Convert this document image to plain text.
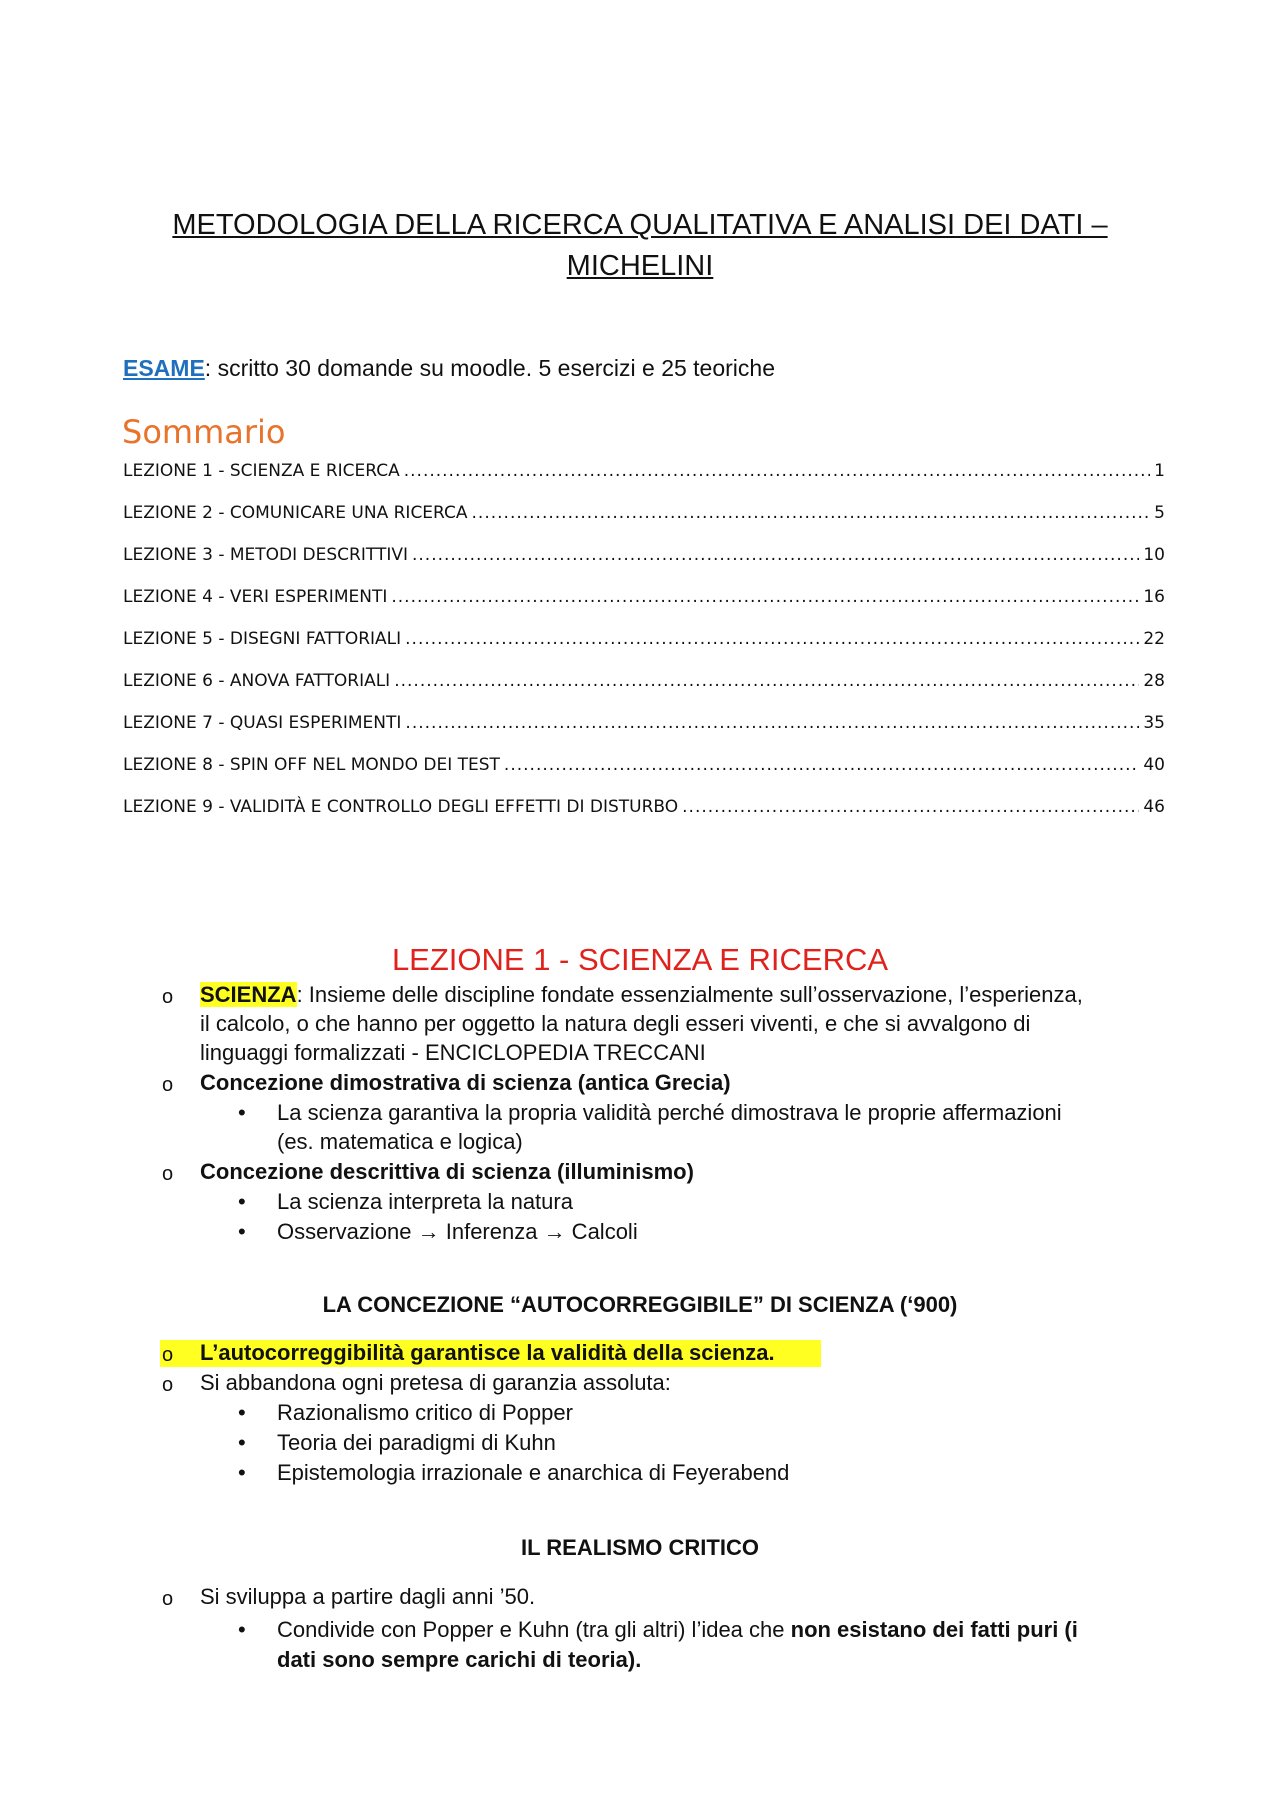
METODOLOGIA DELLA RICERCA QUALITATIVA E ANALISI DEI DATI –
MICHELINI
ESAME: scritto 30 domande su moodle. 5 esercizi e 25 teoriche
Sommario
LEZIONE 1 - SCIENZA E RICERCA .....	1
LEZIONE 2 - COMUNICARE UNA RICERCA .....	5
LEZIONE 3 - METODI DESCRITTIVI .....	10
LEZIONE 4 - VERI ESPERIMENTI .....	16
LEZIONE 5 - DISEGNI FATTORIALI .....	22
LEZIONE 6 - ANOVA FATTORIALI .....	28
LEZIONE 7 - QUASI ESPERIMENTI .....	35
LEZIONE 8 - SPIN OFF NEL MONDO DEI TEST .....	40
LEZIONE 9 - VALIDITÀ E CONTROLLO DEGLI EFFETTI DI DISTURBO .....	46
LEZIONE 1 - SCIENZA E RICERCA
o SCIENZA: Insieme delle discipline fondate essenzialmente sull’osservazione, l’esperienza,
il calcolo, o che hanno per oggetto la natura degli esseri viventi, e che si avvalgono di
linguaggi formalizzati - ENCICLOPEDIA TRECCANI
o Concezione dimostrativa di scienza (antica Grecia)
• La scienza garantiva la propria validità perché dimostrava le proprie affermazioni
(es. matematica e logica)
o Concezione descrittiva di scienza (illuminismo)
• La scienza interpreta la natura
• Osservazione → Inferenza → Calcoli
LA CONCEZIONE “AUTOCORREGGIBILE” DI SCIENZA (‘900)
o L’autocorreggibilità garantisce la validità della scienza.
o Si abbandona ogni pretesa di garanzia assoluta:
• Razionalismo critico di Popper
• Teoria dei paradigmi di Kuhn
• Epistemologia irrazionale e anarchica di Feyerabend
IL REALISMO CRITICO
o Si sviluppa a partire dagli anni ’50.
• Condivide con Popper e Kuhn (tra gli altri) l’idea che non esistano dei fatti puri (i
dati sono sempre carichi di teoria).
